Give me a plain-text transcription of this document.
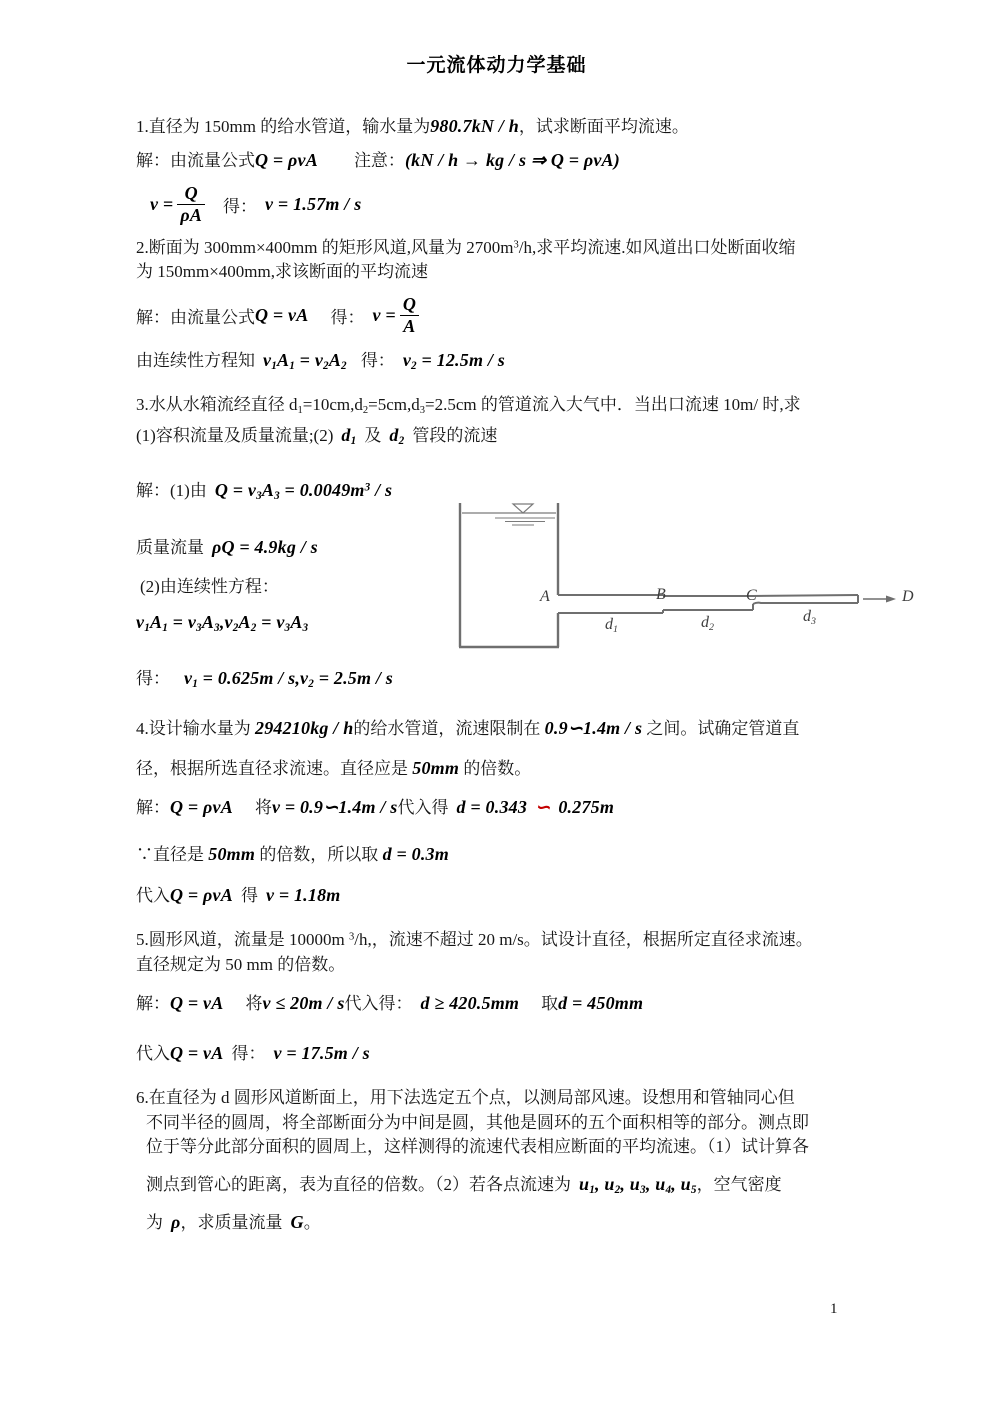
一元流体动力学基础
1.直径为 150mm 的给水管道，输水量为980.7kN / h，试求断面平均流速。
解：由流量公式Q = ρvA 注意：(kN / h → kg / s ⇒ Q = ρvA)
$v = \frac{Q}{\rho A}$ 得： v = 1.57m / s
2.断面为 300mm×400mm 的矩形风道,风量为 $2700m^3/h$,求平均流速.如风道出口处断面收缩
为 150mm×400mm,求该断面的平均流速
解：由流量公式 Q = vA 得： $v = \frac{Q}{A}$
由连续性方程知 $v_1A_1 = v_2A_2$ 得： $v_2 = 12.5m / s$
3.水从水箱流经直径 $d_1=10cm,d_2=5cm,d_3=2.5cm$ 的管道流入大气中．当出口流速 10m/ 时,求
(1)容积流量及质量流量;(2) $d_1$ 及 $d_2$ 管段的流速
解：(1)由 $Q = v_3A_3 = 0.0049m^3 / s$
质量流量 ρQ = 4.9kg / s
(2)由连续性方程：
$v_1A_1 = v_3A_3,v_2A_2 = v_3A_3$
得： $v_1 = 0.625m / s,v_2 = 2.5m / s$
A	B	C	D
$d_1$	$d_2$
$d_3$
4.设计输水量为 294210kg / h的给水管道，流速限制在 0.9∽1.4m / s 之间。试确定管道直
径，根据所选直径求流速。直径应是 50mm 的倍数。
解：Q = ρvA 将v = 0.9∽1.4m / s代入得 d = 0.343 ∽ 0.275m
∵直径是 50mm 的倍数，所以取 d = 0.3m
代入Q = ρvA 得 v = 1.18m
5.圆形风道，流量是 10000m $^3$/h,，流速不超过 20 m/s。试设计直径，根据所定直径求流速。
直径规定为 50 mm 的倍数。
解：Q = vA 将v ≤ 20m / s代入得： d ≥ 420.5mm 取d = 450mm
代入Q = vA 得： v = 17.5m / s
6.在直径为 d 圆形风道断面上，用下法选定五个点，以测局部风速。设想用和管轴同心但
不同半径的圆周，将全部断面分为中间是圆，其他是圆环的五个面积相等的部分。测点即
位于等分此部分面积的圆周上，这样测得的流速代表相应断面的平均流速。（1）试计算各
测点到管心的距离，表为直径的倍数。（2）若各点流速为 $u_1$, $u_2$, $u_3$, $u_4$, $u_5$，空气密度
为 ρ，求质量流量 G。
1
